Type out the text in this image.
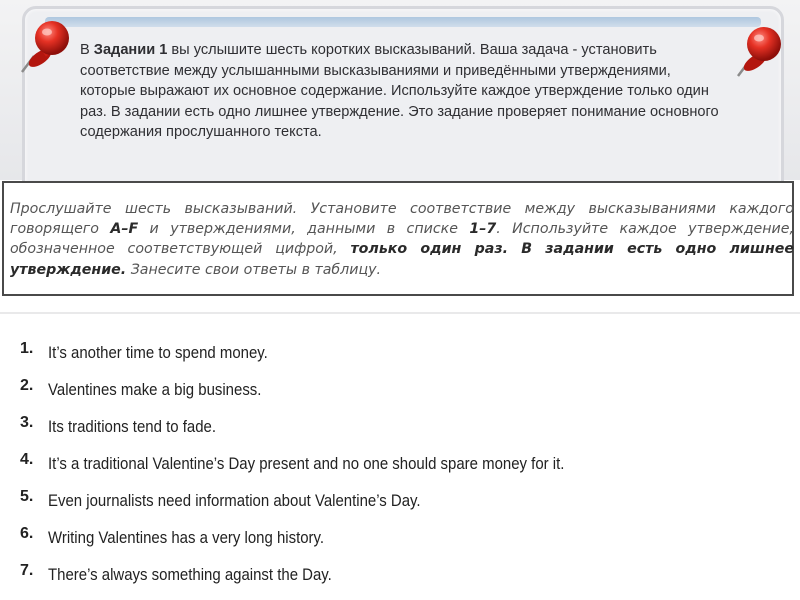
В Задании 1 вы услышите шесть коротких высказываний. Ваша задача - установить соответствие между услышанными высказываниями и приведёнными утверждениями, которые выражают их основное содержание. Используйте каждое утверждение только один раз. В задании есть одно лишнее утверждение. Это задание проверяет понимание основного содержания прослушанного текста.
Прослушайте шесть высказываний. Установите соответствие между высказываниями каждого говорящего A–F и утверждениями, данными в списке 1–7. Используйте каждое утверждение, обозначенное соответствующей цифрой, только один раз. В задании есть одно лишнее утверждение. Занесите свои ответы в таблицу.
1. It’s another time to spend money.
2. Valentines make a big business.
3. Its traditions tend to fade.
4. It’s a traditional Valentine’s Day present and no one should spare money for it.
5. Even journalists need information about Valentine’s Day.
6. Writing Valentines has a very long history.
7. There’s always something against the Day.
